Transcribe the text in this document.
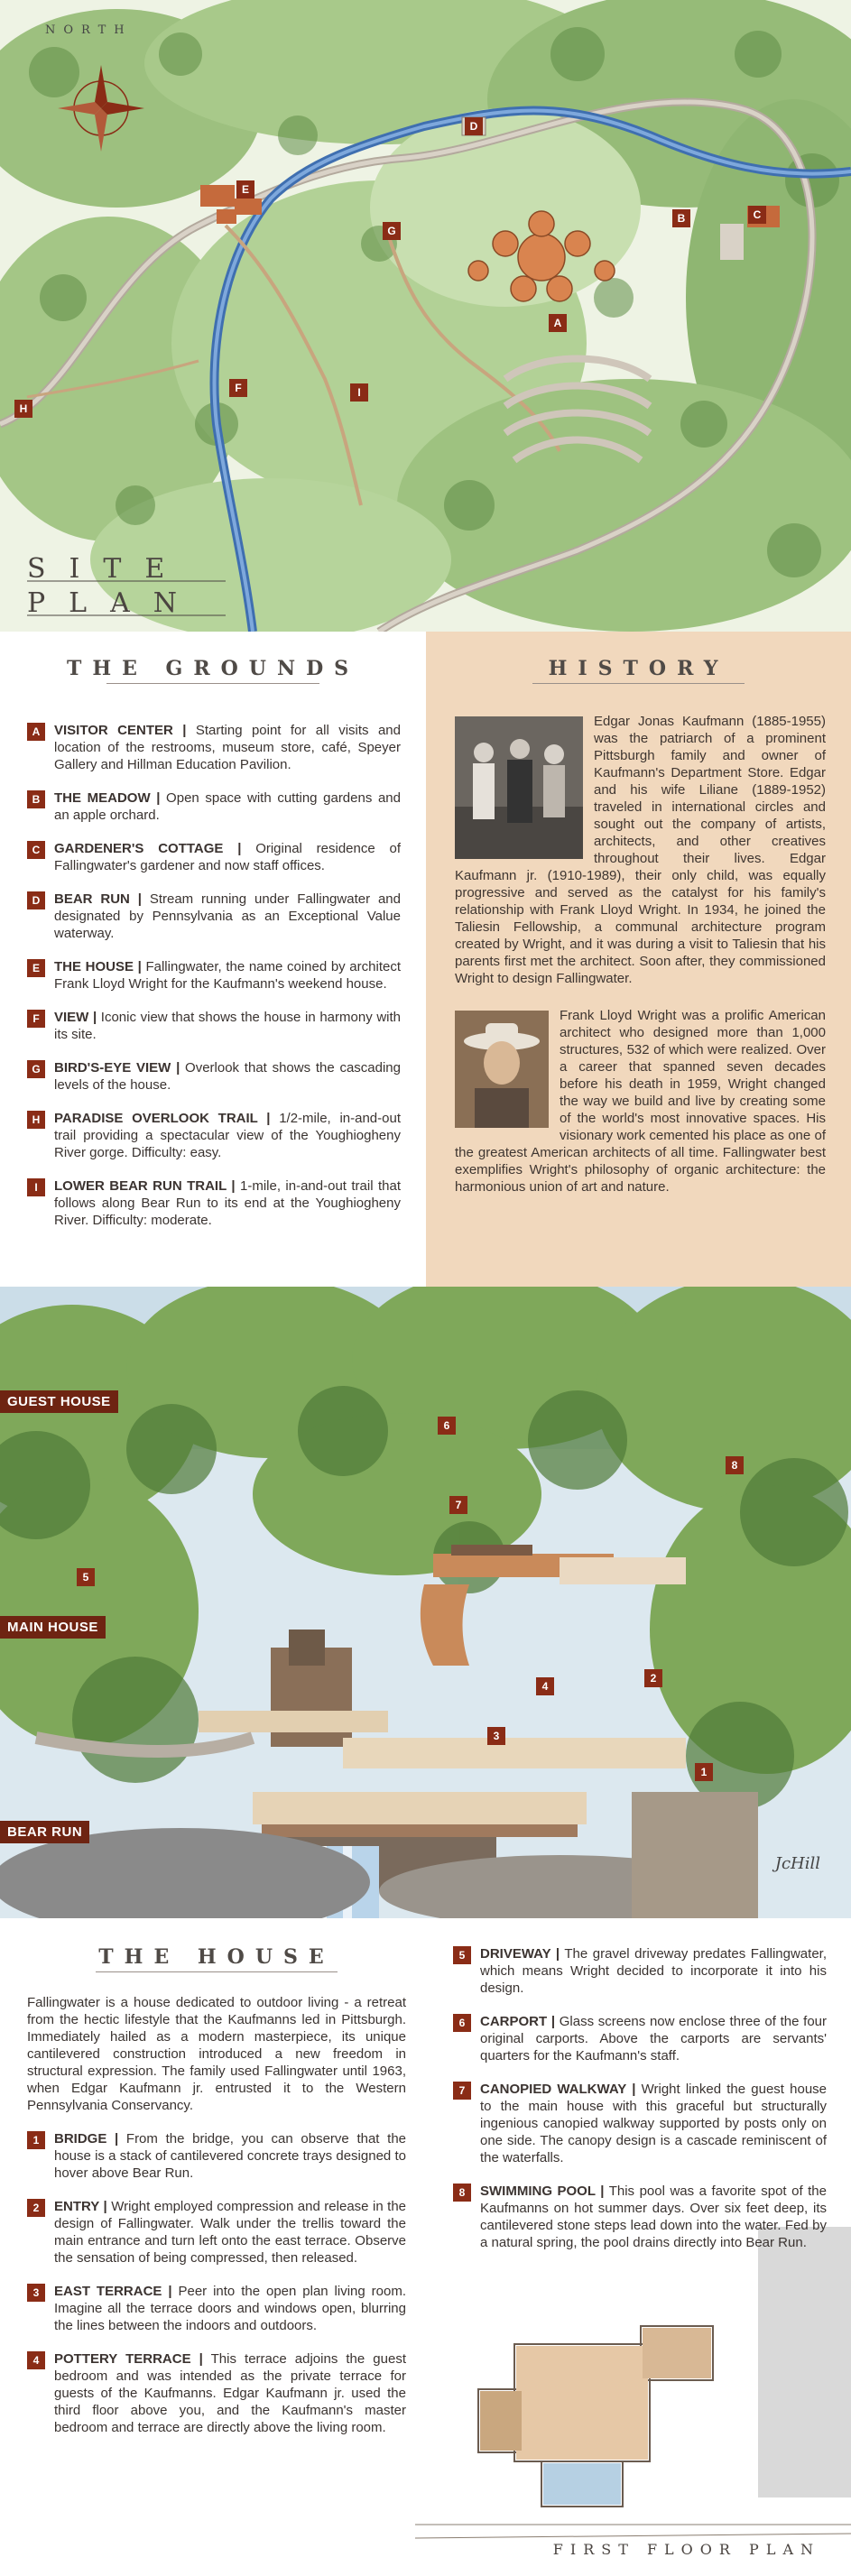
NORTH
SITE
PLAN
A
B	C
D
E
F
G
H
I
THE GROUNDS
A	VISITOR CENTER | Starting point for all visits and location of the restrooms, museum store, café, Speyer Gallery and Hillman Education Pavilion.
B	THE MEADOW | Open space with cutting gardens and an apple orchard.
C	GARDENER'S COTTAGE | Original residence of Fallingwater's gardener and now staff offices.
D	BEAR RUN | Stream running under Fallingwater and designated by Pennsylvania as an Exceptional Value waterway.
E	THE HOUSE | Fallingwater, the name coined by architect Frank Lloyd Wright for the Kaufmann's weekend house.
F	VIEW | Iconic view that shows the house in harmony with its site.
G	BIRD'S-EYE VIEW | Overlook that shows the cascading levels of the house.
H	PARADISE OVERLOOK TRAIL | 1/2-mile, in-and-out trail providing a spectacular view of the Youghiogheny River gorge. Difficulty: easy.
I	LOWER BEAR RUN TRAIL | 1-mile, in-and-out trail that follows along Bear Run to its end at the Youghiogheny River. Difficulty: moderate.
HISTORY

Edgar Jonas Kaufmann (1885-1955) was the patriarch of a prominent Pittsburgh family and owner of Kaufmann's Department Store. Edgar and his wife Liliane (1889-1952) traveled in international circles and sought out the company of artists, architects, and other creatives throughout their lives. Edgar Kaufmann jr. (1910-1989), their only child, was equally progressive and served as the catalyst for his family's relationship with Frank Lloyd Wright. In 1934, he joined the Taliesin Fellowship, a communal architecture program created by Wright, and it was during a visit to Taliesin that his parents first met the architect. Soon after, they commissioned Wright to design Fallingwater.

Frank Lloyd Wright was a prolific American architect who designed more than 1,000 structures, 532 of which were realized. Over a career that spanned seven decades before his death in 1959, Wright changed the way we build and live by creating some of the world's most innovative spaces. His visionary work cemented his place as one of the greatest American architects of all time. Fallingwater best exemplifies Wright's philosophy of organic architecture: the harmonious union of art and nature.

GUEST HOUSE
MAIN HOUSE
BEAR RUN
1
2
3
4
5
6
7
8
JcHill
THE HOUSE

Fallingwater is a house dedicated to outdoor living - a retreat from the hectic lifestyle that the Kaufmanns led in Pittsburgh. Immediately hailed as a modern masterpiece, its unique cantilevered construction introduced a new freedom in structural expression. The family used Fallingwater until 1963, when Edgar Kaufmann jr. entrusted it to the Western Pennsylvania Conservancy.

1	BRIDGE | From the bridge, you can observe that the house is a stack of cantilevered concrete trays designed to hover above Bear Run.
2	ENTRY | Wright employed compression and release in the design of Fallingwater. Walk under the trellis toward the main entrance and turn left onto the east terrace. Observe the sensation of being compressed, then released.
3	EAST TERRACE | Peer into the open plan living room. Imagine all the terrace doors and windows open, blurring the lines between the indoors and outdoors.
4	POTTERY TERRACE | This terrace adjoins the guest bedroom and was intended as the private terrace for guests of the Kaufmanns. Edgar Kaufmann jr. used the third floor above you, and the Kaufmann's master bedroom and terrace are directly above the living room.
FIRST FLOOR PLAN
5	DRIVEWAY | The gravel driveway predates Fallingwater, which means Wright decided to incorporate it into his design.
6	CARPORT | Glass screens now enclose three of the four original carports. Above the carports are servants' quarters for the Kaufmann's staff.
7	CANOPIED WALKWAY | Wright linked the guest house to the main house with this graceful but structurally ingenious canopied walkway supported by posts only on one side. The canopy design is a cascade reminiscent of the waterfalls.
8	SWIMMING POOL | This pool was a favorite spot of the Kaufmanns on hot summer days. Over six feet deep, its cantilevered stone steps lead down into the water. Fed by a natural spring, the pool drains directly into Bear Run.
